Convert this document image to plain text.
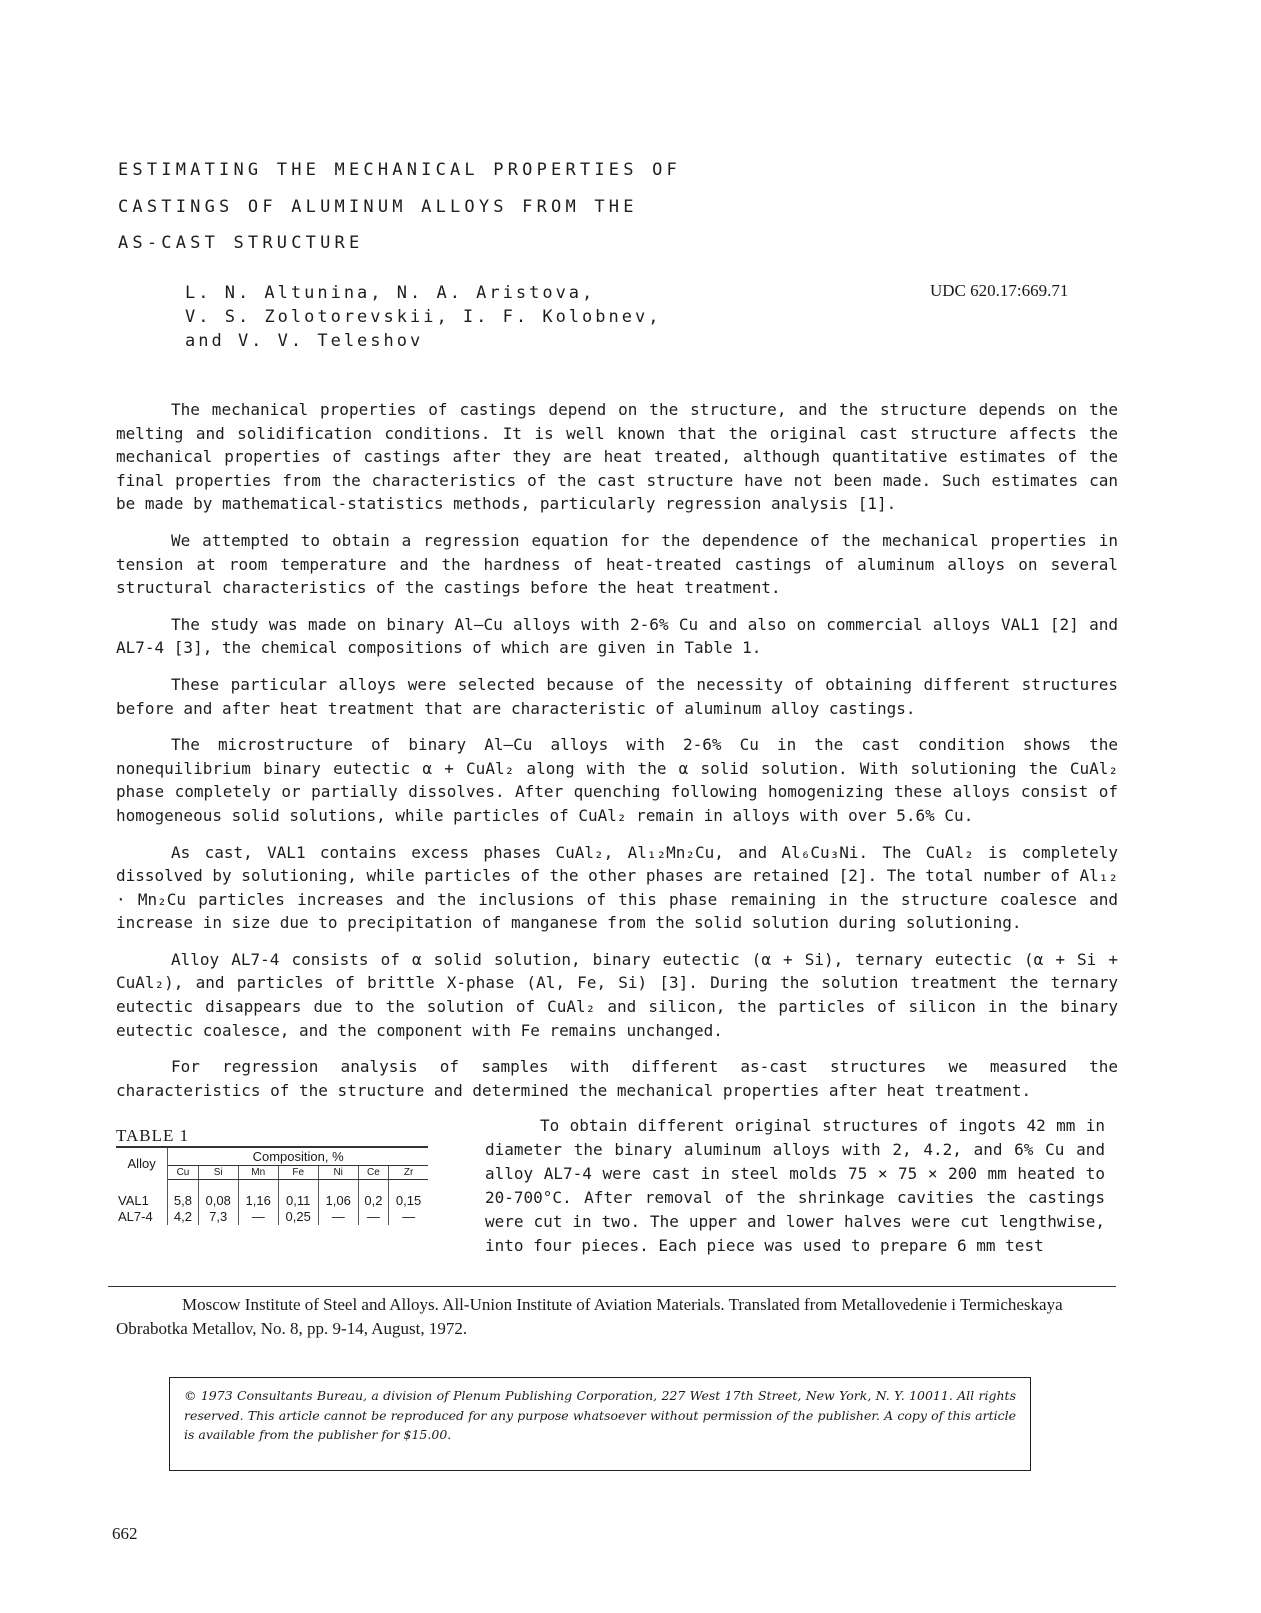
ESTIMATING THE MECHANICAL PROPERTIES OF
CASTINGS OF ALUMINUM ALLOYS FROM THE
AS-CAST STRUCTURE
L. N. Altunina, N. A. Aristova,
V. S. Zolotorevskii, I. F. Kolobnev,
and V. V. Teleshov
UDC 620.17:669.71

The mechanical properties of castings depend on the structure, and the structure depends on the melting and solidification conditions. It is well known that the original cast structure affects the mechanical properties of castings after they are heat treated, although quantitative estimates of the final properties from the characteristics of the cast structure have not been made. Such estimates can be made by mathematical-statistics methods, particularly regression analysis [1].

We attempted to obtain a regression equation for the dependence of the mechanical properties in tension at room temperature and the hardness of heat-treated castings of aluminum alloys on several structural characteristics of the castings before the heat treatment.

The study was made on binary Al–Cu alloys with 2-6% Cu and also on commercial alloys VAL1 [2] and AL7-4 [3], the chemical compositions of which are given in Table 1.

These particular alloys were selected because of the necessity of obtaining different structures before and after heat treatment that are characteristic of aluminum alloy castings.

The microstructure of binary Al–Cu alloys with 2-6% Cu in the cast condition shows the nonequilibrium binary eutectic α + CuAl₂ along with the α solid solution. With solutioning the CuAl₂ phase completely or partially dissolves. After quenching following homogenizing these alloys consist of homogeneous solid solutions, while particles of CuAl₂ remain in alloys with over 5.6% Cu.

As cast, VAL1 contains excess phases CuAl₂, Al₁₂Mn₂Cu, and Al₆Cu₃Ni. The CuAl₂ is completely dissolved by solutioning, while particles of the other phases are retained [2]. The total number of Al₁₂ · Mn₂Cu particles increases and the inclusions of this phase remaining in the structure coalesce and increase in size due to precipitation of manganese from the solid solution during solutioning.

Alloy AL7-4 consists of α solid solution, binary eutectic (α + Si), ternary eutectic (α + Si + CuAl₂), and particles of brittle X-phase (Al, Fe, Si) [3]. During the solution treatment the ternary eutectic disappears due to the solution of CuAl₂ and silicon, the particles of silicon in the binary eutectic coalesce, and the component with Fe remains unchanged.

For regression analysis of samples with different as-cast structures we measured the characteristics of the structure and determined the mechanical properties after heat treatment.

TABLE 1
Alloy	Composition, %						
	Cu	Si	Mn	Fe	Ni	Ce	Zr
VAL1	5,8	0,08	1,16	0,11	1,06	0,2	0,15
AL7-4	4,2	7,3	—	0,25	—	—	—

To obtain different original structures of ingots 42 mm in diameter the binary aluminum alloys with 2, 4.2, and 6% Cu and alloy AL7-4 were cast in steel molds 75 × 75 × 200 mm heated to 20-700°C. After removal of the shrinkage cavities the castings were cut in two. The upper and lower halves were cut lengthwise, into four pieces. Each piece was used to prepare 6 mm test

Moscow Institute of Steel and Alloys. All-Union Institute of Aviation Materials. Translated from Metallovedenie i Termicheskaya Obrabotka Metallov, No. 8, pp. 9-14, August, 1972.

© 1973 Consultants Bureau, a division of Plenum Publishing Corporation, 227 West 17th Street, New York, N. Y. 10011. All rights reserved. This article cannot be reproduced for any purpose whatsoever without permission of the publisher. A copy of this article is available from the publisher for $15.00.
662
